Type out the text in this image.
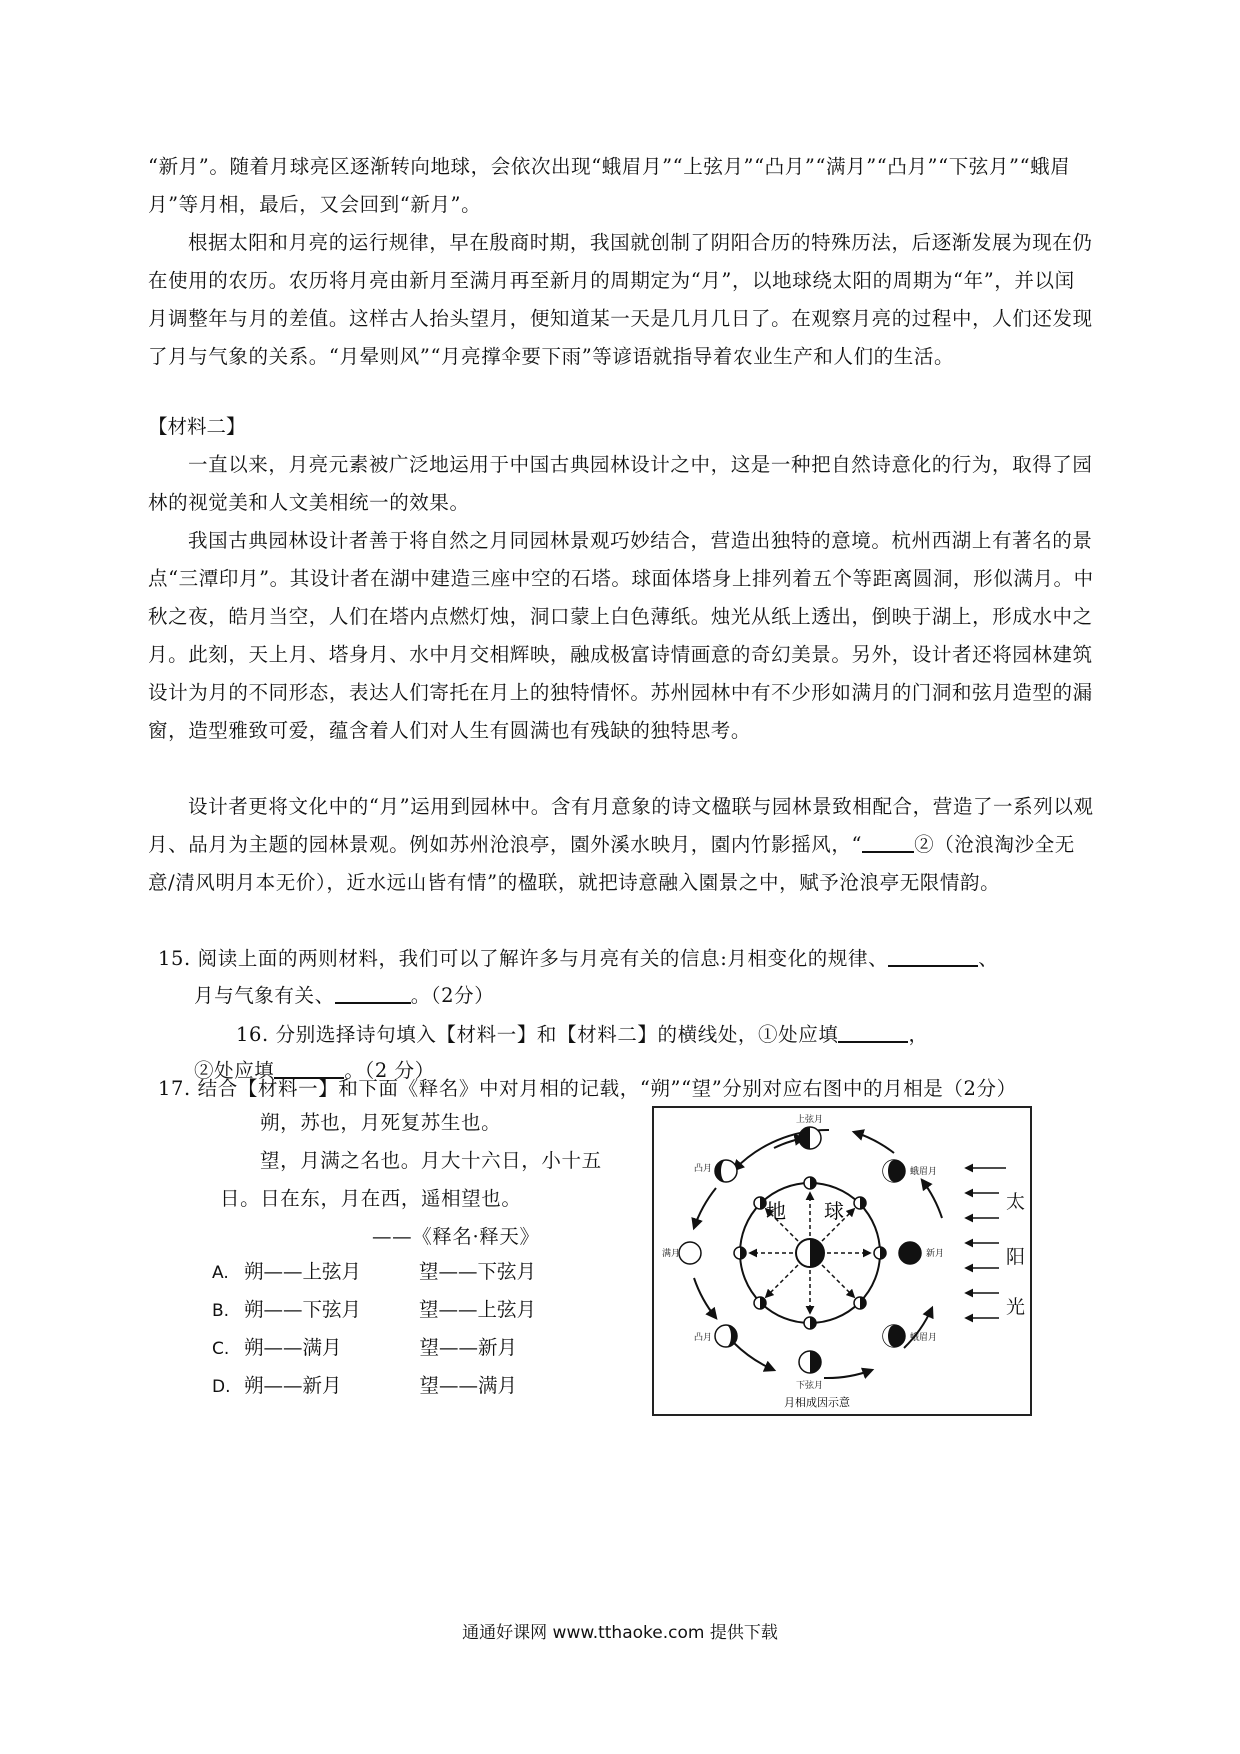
“新月”。随着月球亮区逐渐转向地球，会依次出现“蛾眉月”“上弦月”“凸月”“满月”“凸月”“下弦月”“蛾眉月”等月相，最后，又会回到“新月”。

根据太阳和月亮的运行规律，早在殷商时期，我国就创制了阴阳合历的特殊历法，后逐渐发展为现在仍在使用的农历。农历将月亮由新月至满月再至新月的周期定为“月”，以地球绕太阳的周期为“年”，并以闰月调整年与月的差值。这样古人抬头望月，便知道某一天是几月几日了。在观察月亮的过程中，人们还发现了月与气象的关系。“月晕则风”“月亮撑伞要下雨”等谚语就指导着农业生产和人们的生活。

【材料二】

一直以来，月亮元素被广泛地运用于中国古典园林设计之中，这是一种把自然诗意化的行为，取得了园林的视觉美和人文美相统一的效果。

我国古典园林设计者善于将自然之月同园林景观巧妙结合，营造出独特的意境。杭州西湖上有著名的景点“三潭印月”。其设计者在湖中建造三座中空的石塔。球面体塔身上排列着五个等距离圆洞，形似满月。中秋之夜，皓月当空，人们在塔内点燃灯烛，洞口蒙上白色薄纸。烛光从纸上透出，倒映于湖上，形成水中之月。此刻，天上月、塔身月、水中月交相辉映，融成极富诗情画意的奇幻美景。另外，设计者还将园林建筑设计为月的不同形态，表达人们寄托在月上的独特情怀。苏州园林中有不少形如满月的门洞和弦月造型的漏窗，造型雅致可爱，蕴含着人们对人生有圆满也有残缺的独特思考。

设计者更将文化中的“月”运用到园林中。含有月意象的诗文楹联与园林景致相配合，营造了一系列以观月、品月为主题的园林景观。例如苏州沧浪亭，園外溪水映月，園内竹影摇风，“	②（沧浪淘沙全无意/清风明月本无价），近水远山皆有情”的楹联，就把诗意融入園景之中，赋予沧浪亭无限情韵。

15. 阅读上面的两则材料，我们可以了解许多与月亮有关的信息:月相变化的规律、	、

月与气象有关、	。（2分）

16. 分别选择诗句填入【材料一】和【材料二】的横线处，①处应填	，

②处应填	。（2 分）

17. 结合【材料一】和下面《释名》中对月相的记载，“朔”“望”分别对应右图中的月相是（2分）

朔，苏也，月死复苏生也。
望，月满之名也。月大十六日，小十五
日。日在东，月在西，遥相望也。
——《释名·释天》
A. 朔——上弦月	望——下弦月
B. 朔——下弦月	望——上弦月
C. 朔——满月	望——新月
D. 朔——新月	望——满月
地 球
上弦月
凸月	蛾眉月
满月	新月
凸月	蛾眉月
下弦月
月相成因示意
太
阳
光
通通好课网 www.tthaoke.com 提供下载
